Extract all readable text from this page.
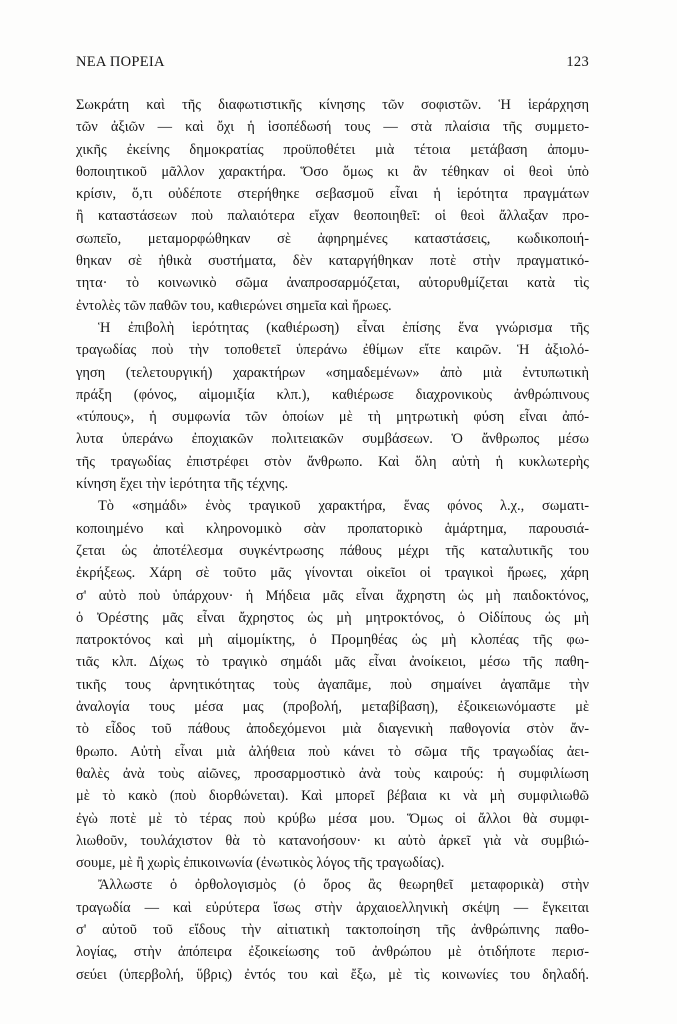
ΝΕΑ ΠΟΡΕΙΑ	123
Σωκράτη καὶ τῆς διαφωτιστικῆς κίνησης τῶν σοφιστῶν. Ἡ ἱεράρχηση
τῶν ἀξιῶν — καὶ ὄχι ἡ ἰσοπέδωσή τους — στὰ πλαίσια τῆς συμμετο-
χικῆς ἐκείνης δημοκρατίας προϋποθέτει μιὰ τέτοια μετάβαση ἀπομυ-
θοποιητικοῦ μᾶλλον χαρακτήρα. Ὅσο ὅμως κι ἂν τέθηκαν οἱ θεοὶ ὑπὸ
κρίσιν, ὅ,τι οὐδέποτε στερήθηκε σεβασμοῦ εἶναι ἡ ἱερότητα πραγμάτων
ἢ καταστάσεων ποὺ παλαιότερα εἴχαν θεοποιηθεῖ: οἱ θεοὶ ἄλλαξαν προ-
σωπεῖο, μεταμορφώθηκαν σὲ ἀφηρημένες καταστάσεις, κωδικοποιή-
θηκαν σὲ ἠθικὰ συστήματα, δὲν καταργήθηκαν ποτὲ στὴν πραγματικό-
τητα· τὸ κοινωνικὸ σῶμα ἀναπροσαρμόζεται, αὐτορυθμίζεται κατὰ τὶς
ἐντολὲς τῶν παθῶν του, καθιερώνει σημεῖα καὶ ἥρωες.
Ἡ ἐπιβολὴ ἱερότητας (καθιέρωση) εἶναι ἐπίσης ἕνα γνώρισμα τῆς
τραγωδίας ποὺ τὴν τοποθετεῖ ὑπεράνω ἐθίμων εἴτε καιρῶν. Ἡ ἀξιολό-
γηση (τελετουργική) χαρακτήρων «σημαδεμένων» ἀπὸ μιὰ ἐντυπωτικὴ
πράξη (φόνος, αἱμομιξία κλπ.), καθιέρωσε διαχρονικοὺς ἀνθρώπινους
«τύπους», ἡ συμφωνία τῶν ὁποίων μὲ τὴ μητρωτικὴ φύση εἶναι ἀπό-
λυτα ὑπεράνω ἐποχιακῶν πολιτειακῶν συμβάσεων. Ὁ ἄνθρωπος μέσω
τῆς τραγωδίας ἐπιστρέφει στὸν ἄνθρωπο. Καὶ ὅλη αὐτὴ ἡ κυκλωτερὴς
κίνηση ἔχει τὴν ἱερότητα τῆς τέχνης.
Τὸ «σημάδι» ἑνὸς τραγικοῦ χαρακτήρα, ἕνας φόνος λ.χ., σωματι-
κοποιημένο καὶ κληρονομικὸ σὰν προπατορικὸ ἁμάρτημα, παρουσιά-
ζεται ὡς ἀποτέλεσμα συγκέντρωσης πάθους μέχρι τῆς καταλυτικῆς του
ἐκρήξεως. Χάρη σὲ τοῦτο μᾶς γίνονται οἰκεῖοι οἱ τραγικοὶ ἥρωες, χάρη
σ' αὐτὸ ποὺ ὑπάρχουν· ἡ Μήδεια μᾶς εἶναι ἄχρηστη ὡς μὴ παιδοκτόνος,
ὁ Ὀρέστης μᾶς εἶναι ἄχρηστος ὡς μὴ μητροκτόνος, ὁ Οἰδίπους ὡς μὴ
πατροκτόνος καὶ μὴ αἱμομίκτης, ὁ Προμηθέας ὡς μὴ κλοπέας τῆς φω-
τιᾶς κλπ. Δίχως τὸ τραγικὸ σημάδι μᾶς εἶναι ἀνοίκειοι, μέσω τῆς παθη-
τικῆς τους ἀρνητικότητας τοὺς ἀγαπᾶμε, ποὺ σημαίνει ἀγαπᾶμε τὴν
ἀναλογία τους μέσα μας (προβολή, μεταβίβαση), ἐξοικειωνόμαστε μὲ
τὸ εἶδος τοῦ πάθους ἀποδεχόμενοι μιὰ διαγενικὴ παθογονία στὸν ἄν-
θρωπο. Αὐτὴ εἶναι μιὰ ἀλήθεια ποὺ κάνει τὸ σῶμα τῆς τραγωδίας ἀει-
θαλὲς ἀνὰ τοὺς αἰῶνες, προσαρμοστικὸ ἀνὰ τοὺς καιρούς: ἡ συμφιλίωση
μὲ τὸ κακὸ (ποὺ διορθώνεται). Καὶ μπορεῖ βέβαια κι νὰ μὴ συμφιλιωθῶ
ἐγὼ ποτὲ μὲ τὸ τέρας ποὺ κρύβω μέσα μου. Ὅμως οἱ ἄλλοι θὰ συμφι-
λιωθοῦν, τουλάχιστον θὰ τὸ κατανοήσουν· κι αὐτὸ ἀρκεῖ γιὰ νὰ συμβιώ-
σουμε, μὲ ἢ χωρὶς ἐπικοινωνία (ἐνωτικὸς λόγος τῆς τραγωδίας).
Ἄλλωστε ὁ ὀρθολογισμὸς (ὁ ὅρος ἂς θεωρηθεῖ μεταφορικὰ) στὴν
τραγωδία — καὶ εὐρύτερα ἴσως στὴν ἀρχαιοελληνικὴ σκέψη — ἔγκειται
σ' αὐτοῦ τοῦ εἴδους τὴν αἰτιατικὴ τακτοποίηση τῆς ἀνθρώπινης παθο-
λογίας, στὴν ἀπόπειρα ἐξοικείωσης τοῦ ἀνθρώπου μὲ ὁτιδήποτε περισ-
σεύει (ὑπερβολή, ὕβρις) ἐντός του καὶ ἔξω, μὲ τὶς κοινωνίες του δηλαδή.
